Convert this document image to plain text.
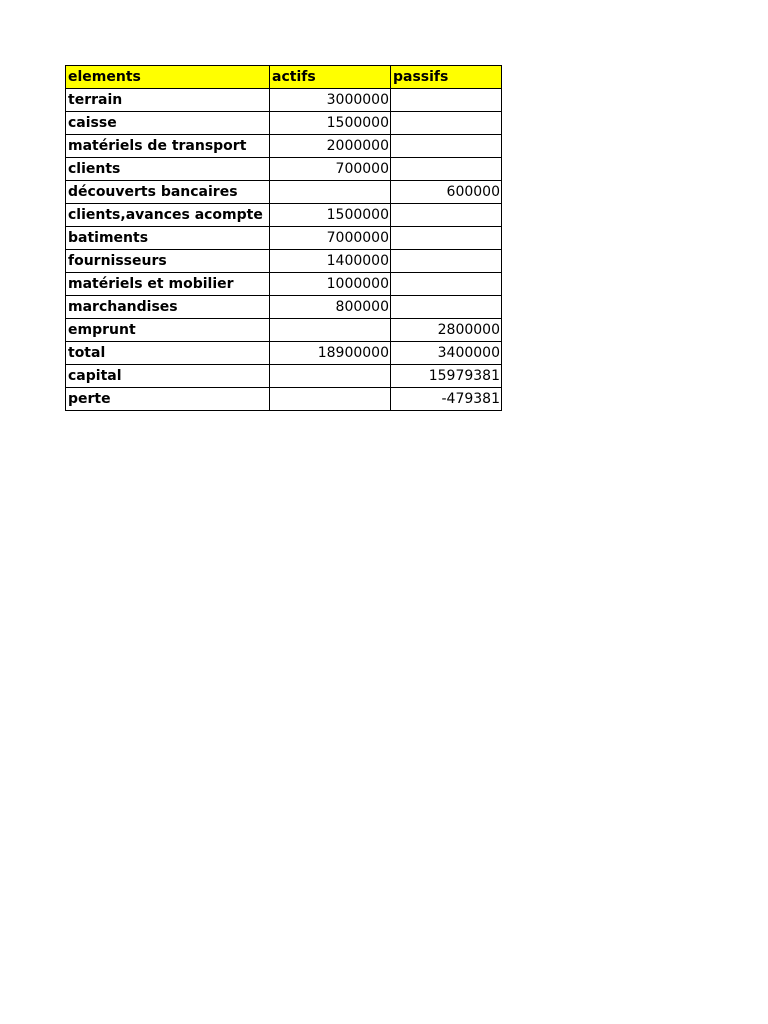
elements	actifs	passifs
terrain	3000000	
caisse	1500000	
matériels de transport	2000000	
clients	700000	
découverts bancaires		600000
clients,avances acompte	1500000	
batiments	7000000	
fournisseurs	1400000	
matériels et mobilier	1000000	
marchandises	800000	
emprunt		2800000
total	18900000	3400000
capital		15979381
perte		-479381
